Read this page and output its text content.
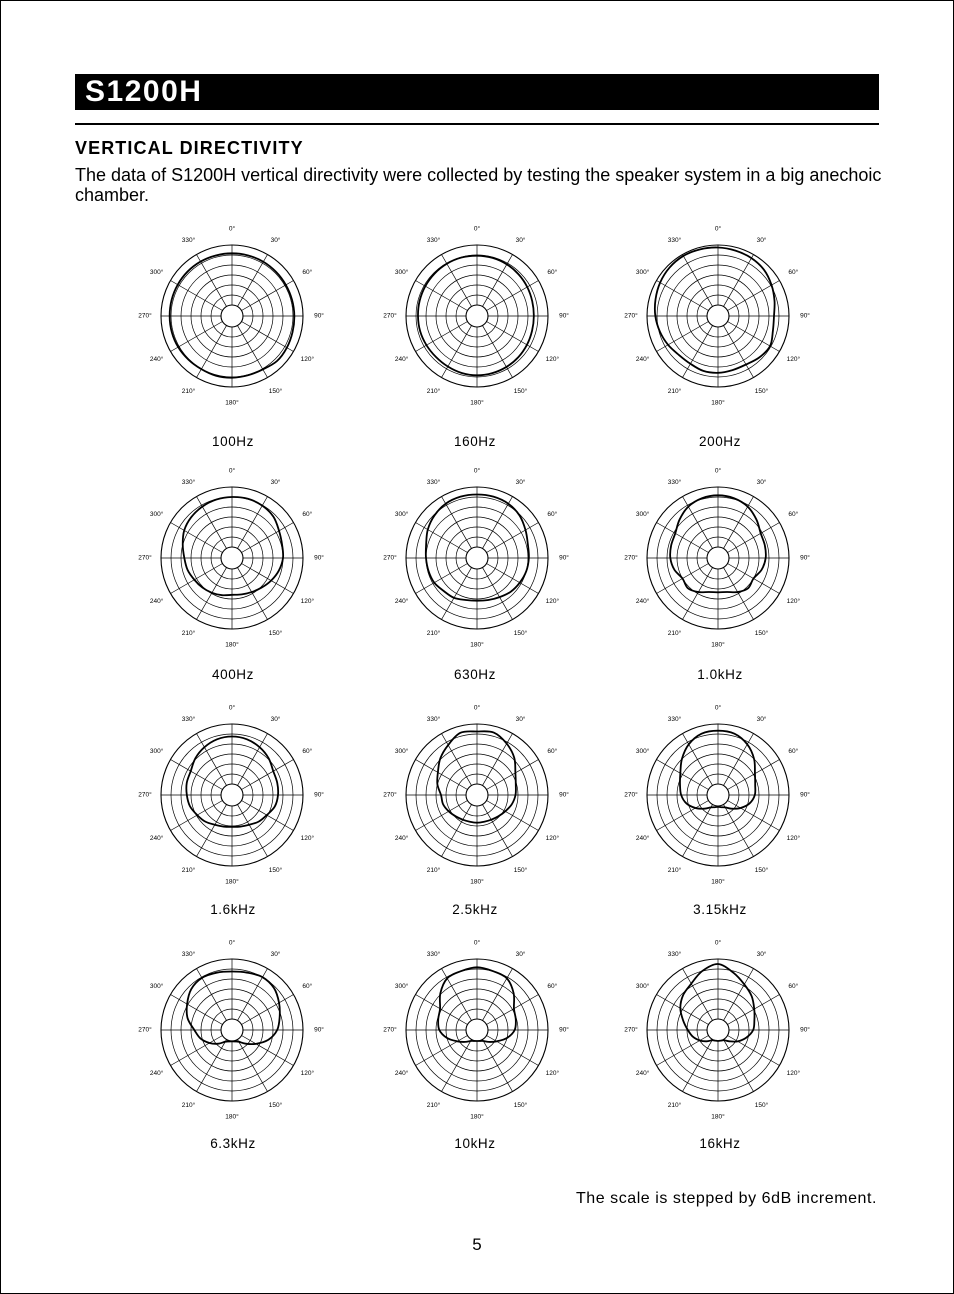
S1200H
VERTICAL DIRECTIVITY

The data of S1200H vertical directivity were collected by testing the speaker system in a big anechoic chamber.

0°
30°
60°
90°
120°
150°
180°
210°
240°
270°
300°
330°
0°
30°
60°
90°
120°
150°
180°
210°
240°
270°
300°
330°
0°
30°
60°
90°
120°
150°
180°
210°
240°
270°
300°
330°
100Hz	160Hz	200Hz
0°
30°
60°
90°
120°
150°
180°
210°
240°
270°
300°
330°
0°
30°
60°
90°
120°
150°
180°
210°
240°
270°
300°
330°
0°
30°
60°
90°
120°
150°
180°
210°
240°
270°
300°
330°
400Hz	630Hz	1.0kHz
0°
30°
60°
90°
120°
150°
180°
210°
240°
270°
300°
330°
0°
30°
60°
90°
120°
150°
180°
210°
240°
270°
300°
330°
0°
30°
60°
90°
120°
150°
180°
210°
240°
270°
300°
330°
1.6kHz	2.5kHz	3.15kHz
0°
30°
60°
90°
120°
150°
180°
210°
240°
270°
300°
330°
0°
30°
60°
90°
120°
150°
180°
210°
240°
270°
300°
330°
0°
30°
60°
90°
120°
150°
180°
210°
240°
270°
300°
330°
6.3kHz	10kHz	16kHz
The scale is stepped by 6dB increment.
5
